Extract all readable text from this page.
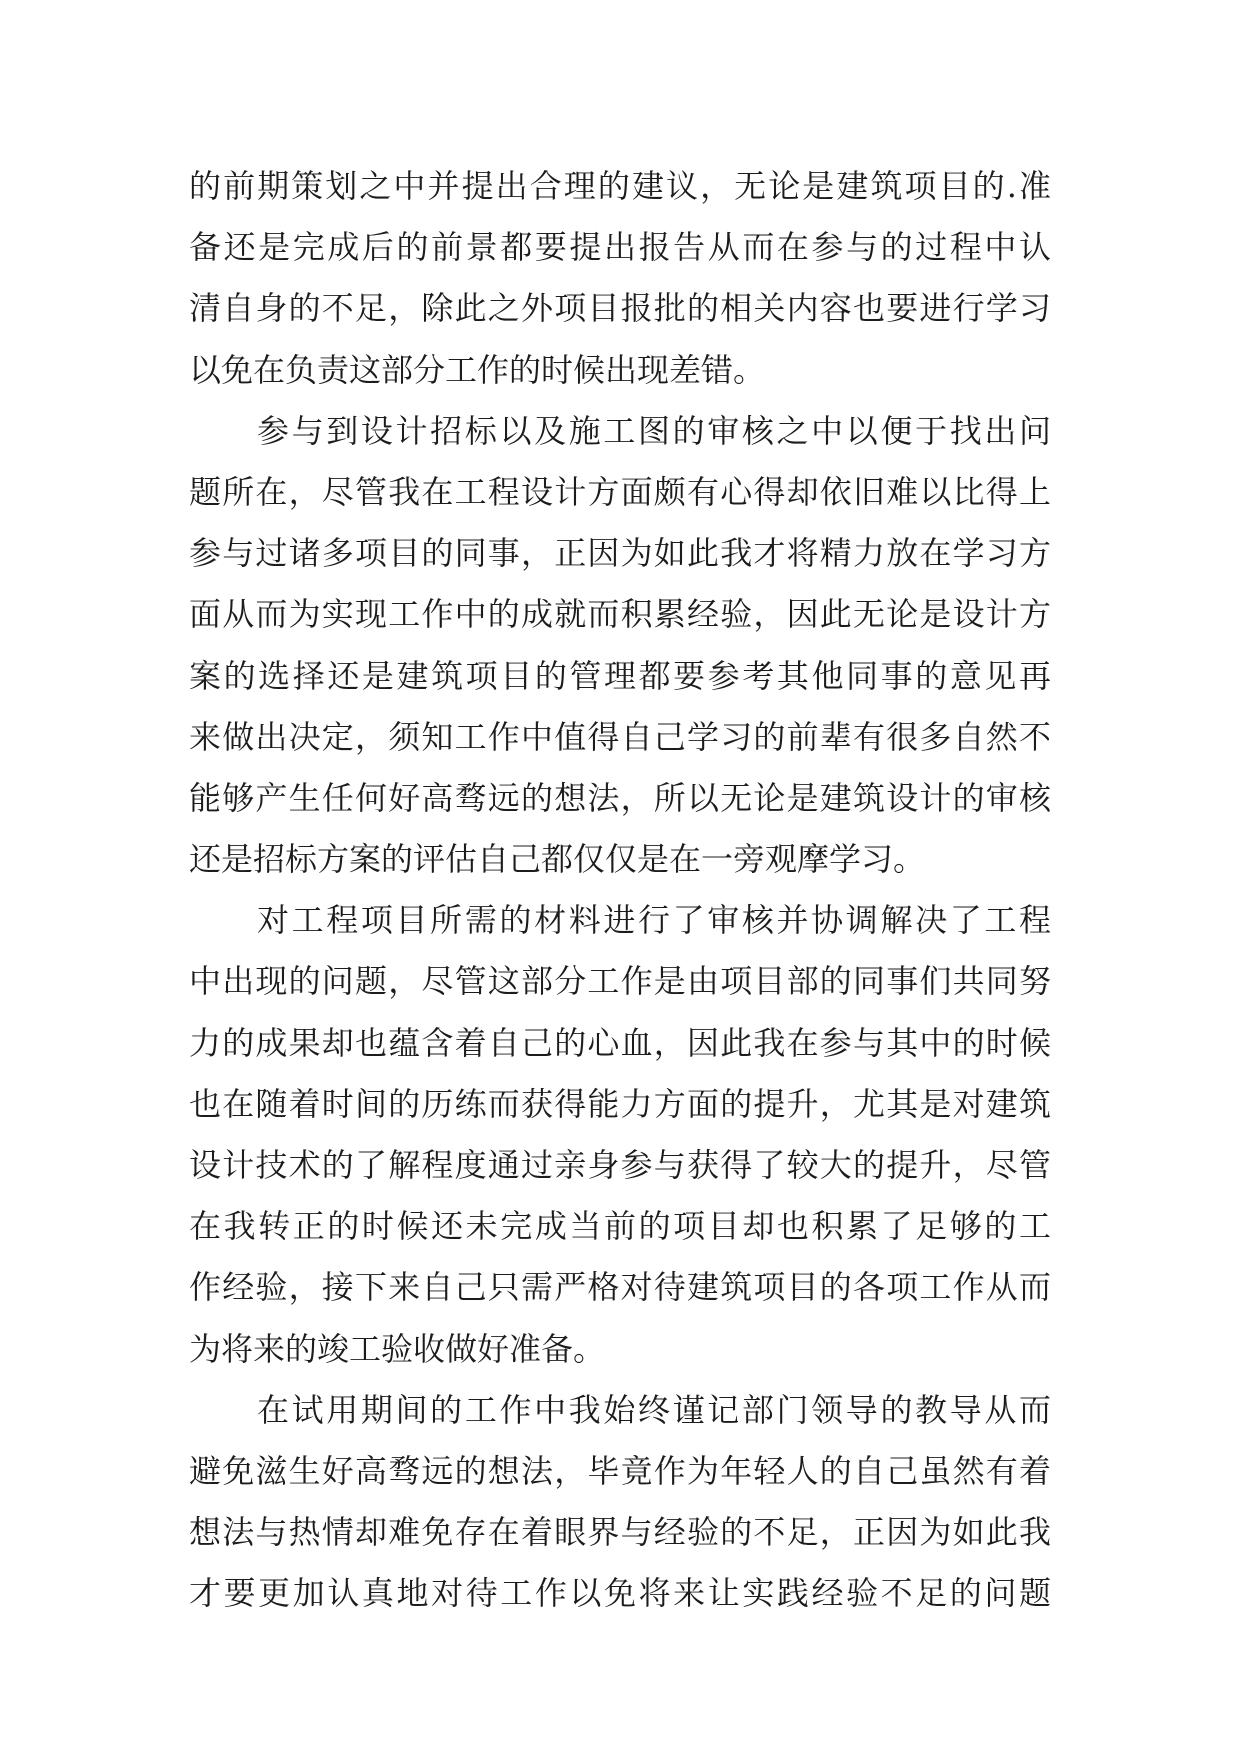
的前期策划之中并提出合理的建议，无论是建筑项目的.准
备还是完成后的前景都要提出报告从而在参与的过程中认
清自身的不足，除此之外项目报批的相关内容也要进行学习
以免在负责这部分工作的时候出现差错。
参与到设计招标以及施工图的审核之中以便于找出问
题所在，尽管我在工程设计方面颇有心得却依旧难以比得上
参与过诸多项目的同事，正因为如此我才将精力放在学习方
面从而为实现工作中的成就而积累经验，因此无论是设计方
案的选择还是建筑项目的管理都要参考其他同事的意见再
来做出决定，须知工作中值得自己学习的前辈有很多自然不
能够产生任何好高骛远的想法，所以无论是建筑设计的审核
还是招标方案的评估自己都仅仅是在一旁观摩学习。
对工程项目所需的材料进行了审核并协调解决了工程
中出现的问题，尽管这部分工作是由项目部的同事们共同努
力的成果却也蕴含着自己的心血，因此我在参与其中的时候
也在随着时间的历练而获得能力方面的提升，尤其是对建筑
设计技术的了解程度通过亲身参与获得了较大的提升，尽管
在我转正的时候还未完成当前的项目却也积累了足够的工
作经验，接下来自己只需严格对待建筑项目的各项工作从而
为将来的竣工验收做好准备。
在试用期间的工作中我始终谨记部门领导的教导从而
避免滋生好高骛远的想法，毕竟作为年轻人的自己虽然有着
想法与热情却难免存在着眼界与经验的不足，正因为如此我
才要更加认真地对待工作以免将来让实践经验不足的问题
